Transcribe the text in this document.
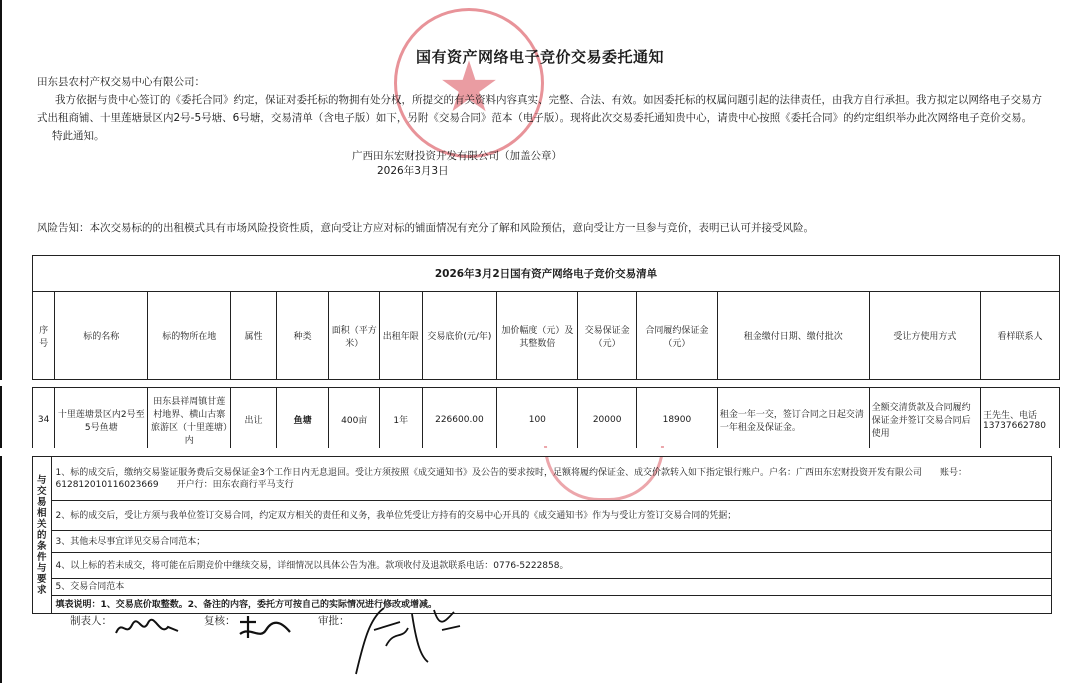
★
国有资产网络电子竞价交易委托通知
田东县农村产权交易中心有限公司：
我方依据与贵中心签订的《委托合同》约定，保证对委托标的物拥有处分权，所提交的有关资料内容真实、完整、合法、有效。如因委托标的权属问题引起的法律责任，由我方自行承担。我方拟定以网络电子交易方式出租商铺、十里莲塘景区内2号-5号塘、6号塘，交易清单（含电子版）如下，另附《交易合同》范本（电子版）。现将此次交易委托通知贵中心，请贵中心按照《委托合同》的约定组织举办此次网络电子竞价交易。
特此通知。
广西田东宏财投资开发有限公司（加盖公章）
2026年3月3日
风险告知：本次交易标的的出租模式具有市场风险投资性质，意向受让方应对标的铺面情况有充分了解和风险预估，意向受让方一旦参与竞价，表明已认可并接受风险。
2026年3月2日国有资产网络电子竞价交易清单													
序号	标的名称	标的物所在地	属性	种类	面积（平方米）	出租年限	交易底价(元/年)	加价幅度（元）及其整数倍	交易保证金（元）	合同履约保证金（元）	租金缴付日期、缴付批次	受让方使用方式	看样联系人

34	十里莲塘景区内2号至5号鱼塘	田东县祥周镇甘莲村地界、横山古寨旅游区（十里莲塘）内	出让	鱼塘	400亩	1年	226600.00	100	20000	18900	租金一年一交，签订合同之日起交清一年租金及保证金。	全额交清货款及合同履约保证金并签订交易合同后使用	王先生、电话13737662780
与
交
易
相
关
的
条
件
与
要
求	1、标的成交后，缴纳交易鉴证服务费后交易保证金3个工作日内无息退回。受让方须按照《成交通知书》及公告的要求按时，足额将履约保证金、成交价款转入如下指定银行账户。户名：广西田东宏财投资开发有限公司　　账号：612812010116023669　　开户行：田东农商行平马支行
2、标的成交后，受让方须与我单位签订交易合同，约定双方相关的责任和义务，我单位凭受让方持有的交易中心开具的《成交通知书》作为与受让方签订交易合同的凭据；
3、其他未尽事宜详见交易合同范本；
4、以上标的若未成交，将可能在后期竞价中继续交易，详细情况以具体公告为准。款项收付及退款联系电话：0776-5222858。
5、交易合同范本
填表说明：1、交易底价取整数。2、备注的内容，委托方可按自己的实际情况进行修改或增减。
制表人：	复核：	审批：
